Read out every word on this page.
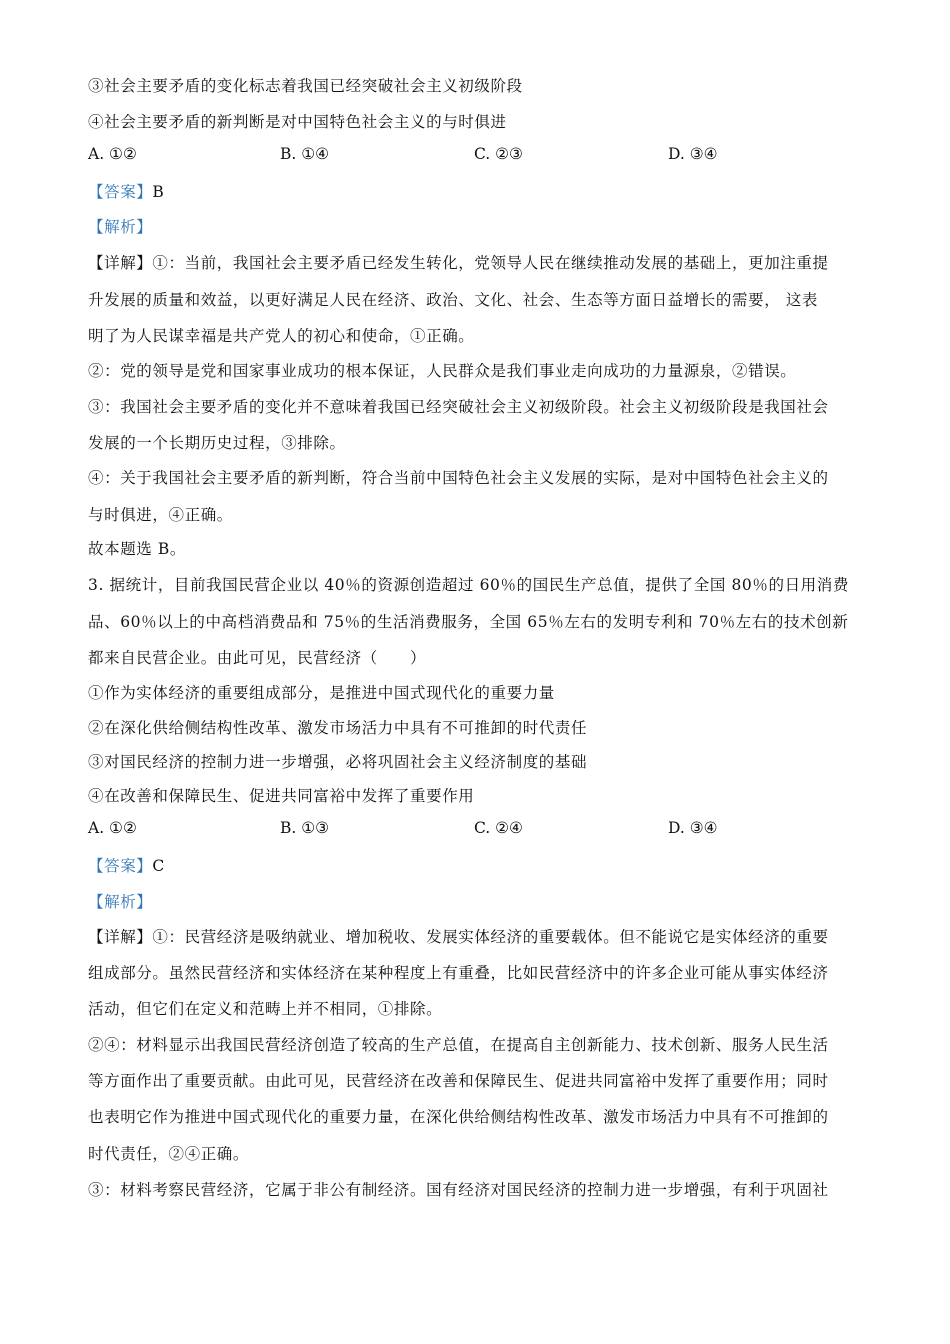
③社会主要矛盾的变化标志着我国已经突破社会主义初级阶段
④社会主要矛盾的新判断是对中国特色社会主义的与时俱进
A. ①②	B. ①④	C. ②③	D. ③④
【答案】B
【解析】
【详解】①：当前，我国社会主要矛盾已经发生转化，党领导人民在继续推动发展的基础上，更加注重提
升发展的质量和效益，以更好满足人民在经济、政治、文化、社会、生态等方面日益增长的需要， 这表
明了为人民谋幸福是共产党人的初心和使命，①正确。
②：党的领导是党和国家事业成功的根本保证，人民群众是我们事业走向成功的力量源泉，②错误。
③：我国社会主要矛盾的变化并不意味着我国已经突破社会主义初级阶段。社会主义初级阶段是我国社会
发展的一个长期历史过程，③排除。
④：关于我国社会主要矛盾的新判断，符合当前中国特色社会主义发展的实际，是对中国特色社会主义的
与时俱进，④正确。
故本题选 B。
3. 据统计，目前我国民营企业以 40％的资源创造超过 60％的国民生产总值，提供了全国 80％的日用消费
品、60％以上的中高档消费品和 75％的生活消费服务，全国 65％左右的发明专利和 70％左右的技术创新
都来自民营企业。由此可见，民营经济（　　）
①作为实体经济的重要组成部分，是推进中国式现代化的重要力量
②在深化供给侧结构性改革、激发市场活力中具有不可推卸的时代责任
③对国民经济的控制力进一步增强，必将巩固社会主义经济制度的基础
④在改善和保障民生、促进共同富裕中发挥了重要作用
A. ①②	B. ①③	C. ②④	D. ③④
【答案】C
【解析】
【详解】①：民营经济是吸纳就业、增加税收、发展实体经济的重要载体。但不能说它是实体经济的重要
组成部分。虽然民营经济和实体经济在某种程度上有重叠，比如民营经济中的许多企业可能从事实体经济
活动，但它们在定义和范畴上并不相同，①排除。
②④：材料显示出我国民营经济创造了较高的生产总值，在提高自主创新能力、技术创新、服务人民生活
等方面作出了重要贡献。由此可见，民营经济在改善和保障民生、促进共同富裕中发挥了重要作用；同时
也表明它作为推进中国式现代化的重要力量，在深化供给侧结构性改革、激发市场活力中具有不可推卸的
时代责任，②④正确。
③：材料考察民营经济，它属于非公有制经济。国有经济对国民经济的控制力进一步增强，有利于巩固社
